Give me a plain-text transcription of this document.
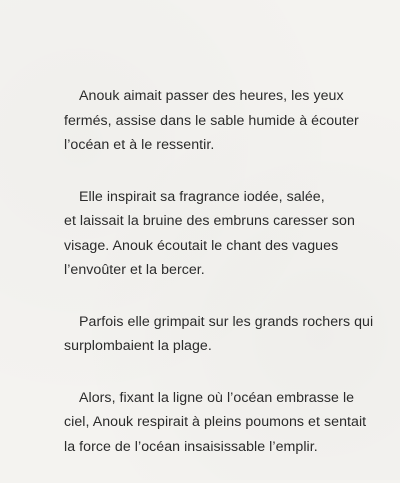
Anouk aimait passer des heures, les yeux
fermés, assise dans le sable humide à écouter
l’océan et à le ressentir.

Elle inspirait sa fragrance iodée, salée,
et laissait la bruine des embruns caresser son
visage. Anouk écoutait le chant des vagues
l’envoûter et la bercer.

Parfois elle grimpait sur les grands rochers qui
surplombaient la plage.

Alors, fixant la ligne où l’océan embrasse le
ciel, Anouk respirait à pleins poumons et sentait
la force de l’océan insaisissable l’emplir.
